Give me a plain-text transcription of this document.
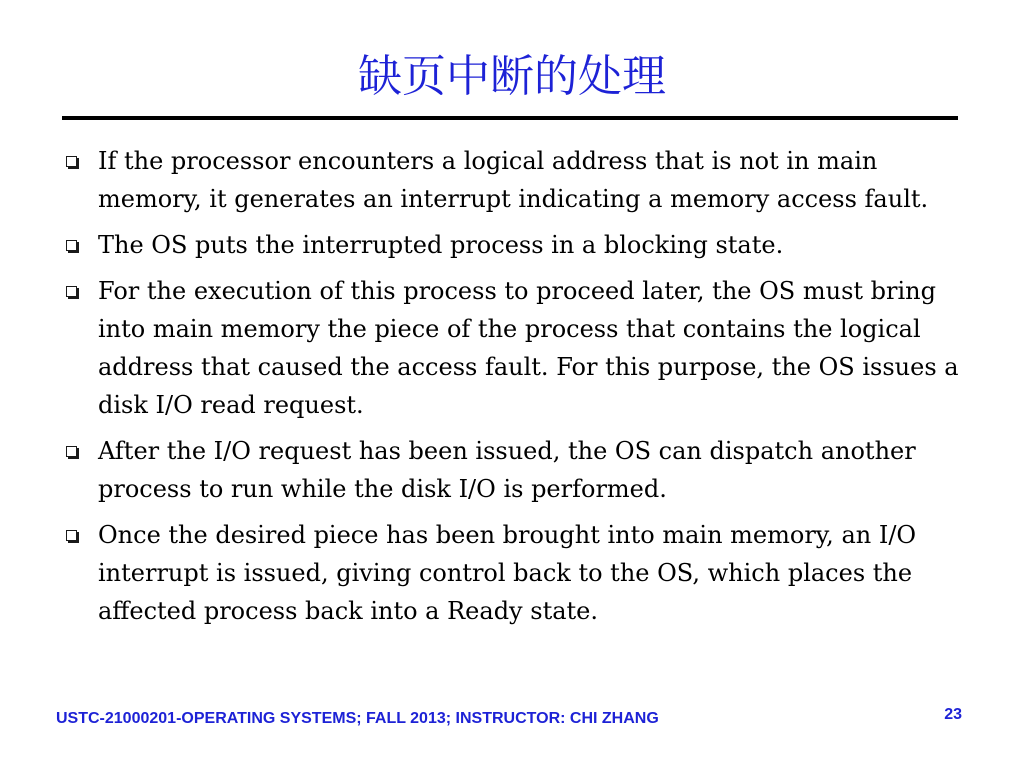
缺页中断的处理
If the processor encounters a logical address that is not in main memory, it generates an interrupt indicating a memory access fault.
The OS puts the interrupted process in a blocking state.
For the execution of this process to proceed later, the OS must bring into main memory the piece of the process that contains the logical address that caused the access fault. For this purpose, the OS issues a disk I/O read request.
After the I/O request has been issued, the OS can dispatch another process to run while the disk I/O is performed.
Once the desired piece has been brought into main memory, an I/O interrupt is issued, giving control back to the OS, which places the affected process back into a Ready state.
USTC-21000201-OPERATING SYSTEMS; FALL 2013; INSTRUCTOR: CHI ZHANG	23
